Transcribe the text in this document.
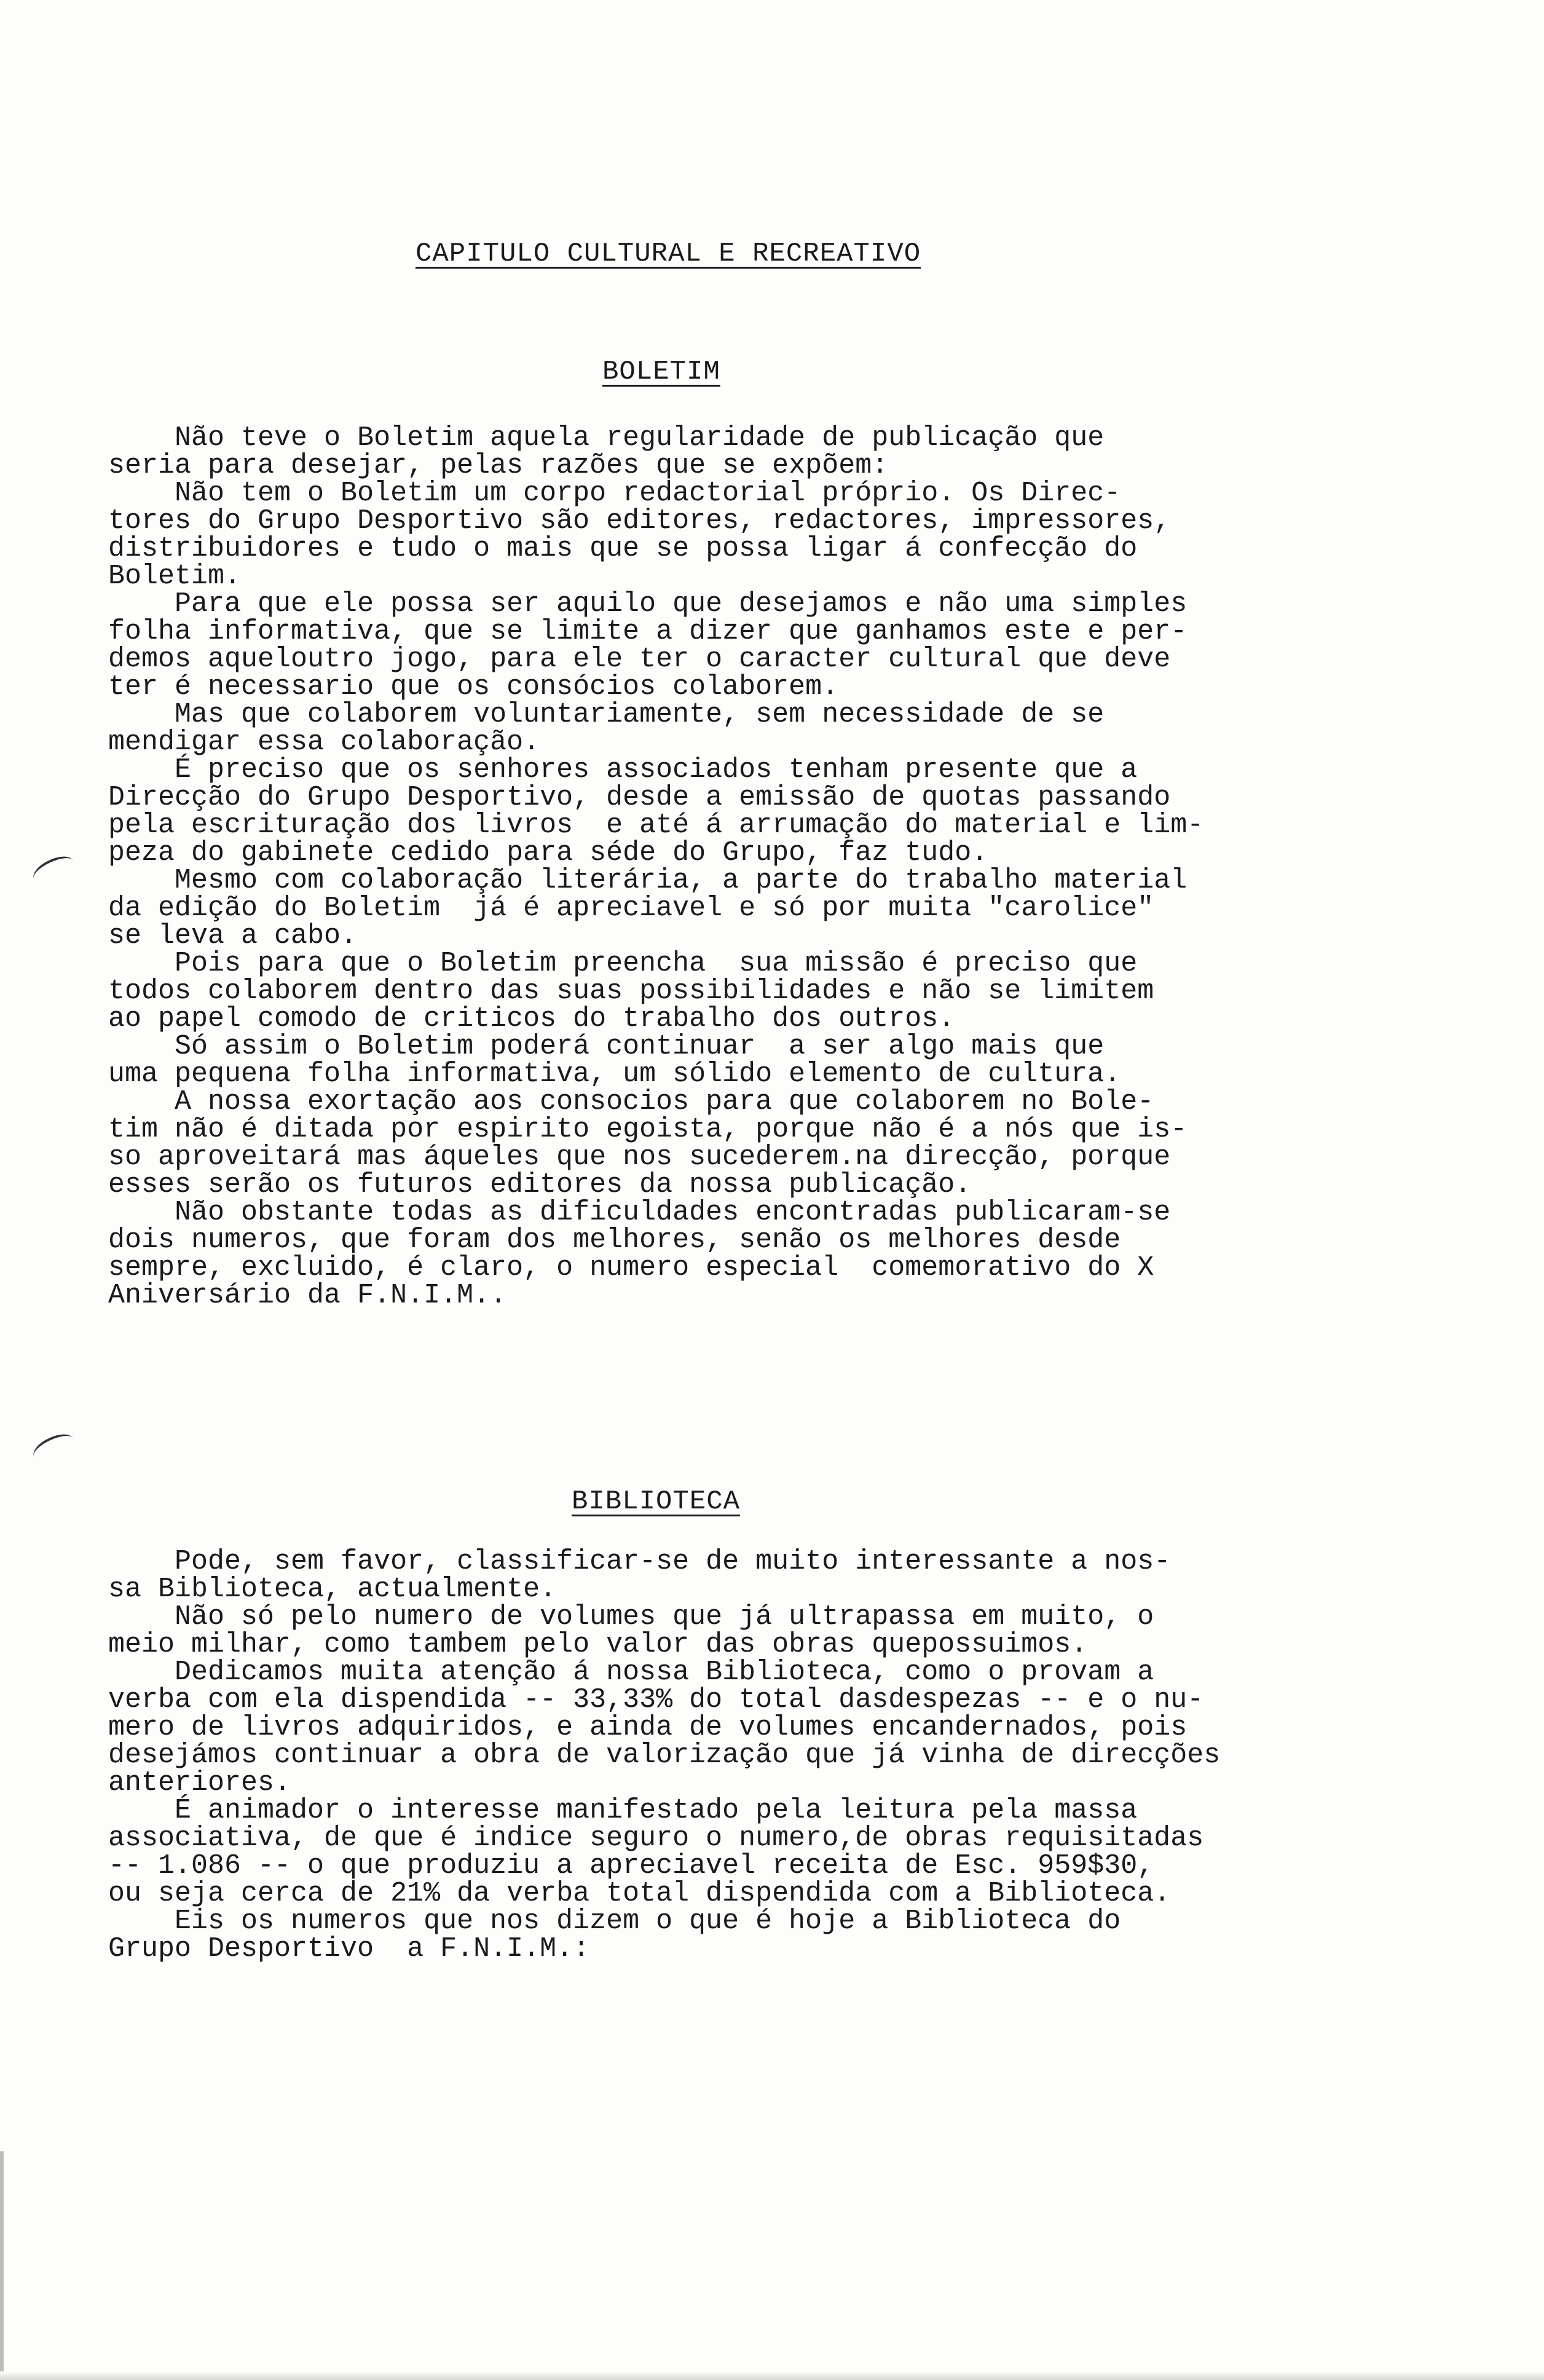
CAPITULO CULTURAL E RECREATIVO
BOLETIM
Não teve o Boletim aquela regularidade de publicação que
seria para desejar, pelas razões que se expõem:
Não tem o Boletim um corpo redactorial próprio. Os Direc-
tores do Grupo Desportivo são editores, redactores, impressores,
distribuidores e tudo o mais que se possa ligar á confecção do
Boletim.
Para que ele possa ser aquilo que desejamos e não uma simples
folha informativa, que se limite a dizer que ganhamos este e per-
demos aqueloutro jogo, para ele ter o caracter cultural que deve
ter é necessario que os consócios colaborem.
Mas que colaborem voluntariamente, sem necessidade de se
mendigar essa colaboração.
É preciso que os senhores associados tenham presente que a
Direcção do Grupo Desportivo, desde a emissão de quotas passando
pela escrituração dos livros  e até á arrumação do material e lim-
peza do gabinete cedido para séde do Grupo, faz tudo.
Mesmo com colaboração literária, a parte do trabalho material
da edição do Boletim  já é apreciavel e só por muita "carolice"
se leva a cabo.
Pois para que o Boletim preencha  sua missão é preciso que
todos colaborem dentro das suas possibilidades e não se limitem
ao papel comodo de criticos do trabalho dos outros.
Só assim o Boletim poderá continuar  a ser algo mais que
uma pequena folha informativa, um sólido elemento de cultura.
A nossa exortação aos consocios para que colaborem no Bole-
tim não é ditada por espirito egoista, porque não é a nós que is-
so aproveitará mas áqueles que nos sucederem.na direcção, porque
esses serão os futuros editores da nossa publicação.
Não obstante todas as dificuldades encontradas publicaram-se
dois numeros, que foram dos melhores, senão os melhores desde
sempre, excluido, é claro, o numero especial  comemorativo do X
Aniversário da F.N.I.M..
BIBLIOTECA
Pode, sem favor, classificar-se de muito interessante a nos-
sa Biblioteca, actualmente.
Não só pelo numero de volumes que já ultrapassa em muito, o
meio milhar, como tambem pelo valor das obras quepossuimos.
Dedicamos muita atenção á nossa Biblioteca, como o provam a
verba com ela dispendida -- 33,33% do total dasdespezas -- e o nu-
mero de livros adquiridos, e ainda de volumes encandernados, pois
desejámos continuar a obra de valorização que já vinha de direcções
anteriores.
É animador o interesse manifestado pela leitura pela massa
associativa, de que é indice seguro o numero,de obras requisitadas
-- 1.086 -- o que produziu a apreciavel receita de Esc. 959$30,
ou seja cerca de 21% da verba total dispendida com a Biblioteca.
Eis os numeros que nos dizem o que é hoje a Biblioteca do
Grupo Desportivo  a F.N.I.M.:
